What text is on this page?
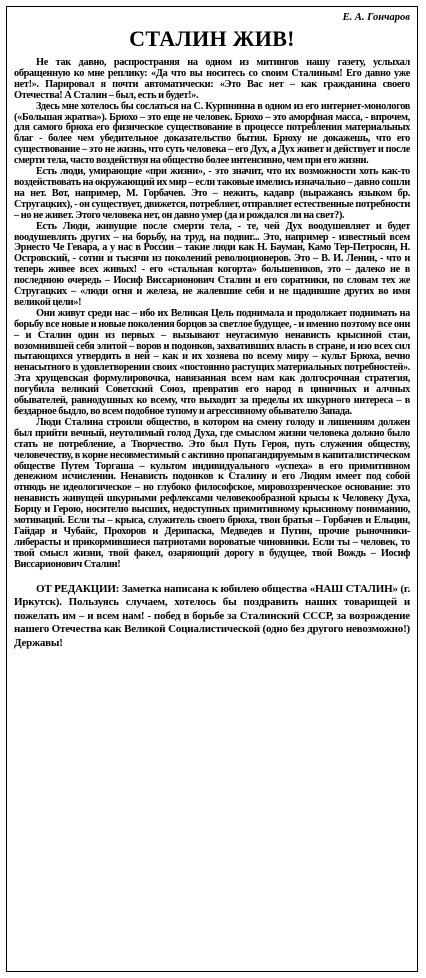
Е. А. Гончаров

СТАЛИН ЖИВ!

Не так давно, распространяя на одном из митингов нашу газету, услыхал обращенную ко мне реплику: «Да что вы носитесь со своим Сталиным! Его давно уже нет!». Парировал я почти автоматически: «Это Вас нет – как гражданина своего Отечества! А Сталин – был, есть и будет!».

Здесь мне хотелось бы сослаться на С. Курпнянна в одном из его интернет-монологов («Большая жратва»). Брюхо – это еще не человек. Брюхо – это аморфная масса, - впрочем, для самого брюха его физическое существование в процессе потребления материальных благ - более чем убедительное доказательство бытия. Брюху не докажешь, что его существование – это не жизнь, что суть человека – его Дух, а Дух живет и действует и после смерти тела, часто воздействуя на общество более интенсивно, чем при его жизни.

Есть люди, умирающие «при жизни», - это значит, что их возможности хоть как-то воздействовать на окружающий их мир – если таковые имелись изначально – давно сошли на нет. Вот, например, М. Горбачев. Это – нежить, кадавр (выражаясь языком бр. Стругацких), - он существует, движется, потребляет, отправляет естественные потребности – но не живет. Этого человека нет, он давно умер (да и рождался ли на свет?).

Есть Люди, живущие после смерти тела, - те, чей Дух воодушевляет и будет воодушевлять других – на борьбу, на труд, на подвиг... Это, например - известный всем Эрнесто Че Гевара, а у нас в России – такие люди как Н. Бауман, Камо Тер-Петросян, Н. Островский, - сотни и тысячи из поколений революционеров. Это – В. И. Ленин, - что и теперь живее всех живых! - его «стальная когорта» большевиков, это – далеко не в последнюю очередь – Иосиф Виссарионович Сталин и его соратники, по словам тех же Стругацких – «люди огня и железа, не жалевшие себя и не щадившие других во имя великой цели»!

Они живут среди нас – ибо их Великая Цель поднимала и продолжает поднимать на борьбу все новые и новые поколения борцов за светлое будущее, - и именно поэтому все они – и Сталин один из первых – вызывают неугасимую ненависть крысиной стаи, возомнившей себя элитой – воров и подонков, захвативших власть в стране, и изо всех сил пытающихся утвердить в ней – как и их хозяева по всему миру – культ Брюха, вечно ненасытного в удовлетворении своих «постоянно растущих материальных потребностей». Эта хрущевская формулировочка, навязанная всем нам как долгосрочная стратегия, погубила великий Советский Союз, превратив его народ в циничных и алчных обывателей, равнодушных ко всему, что выходит за пределы их шкурного интереса – в бездарное быдло, во всем подобное тупому и агрессивному обывателю Запада.

Люди Сталина строили общество, в котором на смену голоду и лишениям должен был прийти вечный, неутолимый голод Духа, где смыслом жизни человека должно было стать не потребление, а Творчество. Это был Путь Героя, путь служения обществу, человечеству, в корне несовместимый с активно пропагандируемым в капиталистическом обществе Путем Торгаша – культом индивидуального «успеха» в его примитивном денежном исчислении. Ненависть подонков к Сталину и его Людям имеет под собой отнюдь не идеологическое – но глубоко философское, мировоззренческое основание: это ненависть живущей шкурными рефлексами человекообразной крысы к Человеку Духа, Борцу и Герою, носителю высших, недоступных примитивному крысиному пониманию, мотиваций. Если ты – крыса, служитель своего брюха, твои братья – Горбачев и Ельцин, Гайдар и Чубайс, Прохоров и Дерипаска, Медведев и Путин, прочие рыночники-либерасты и прикормившиеся патриотами вороватые чиновники. Если ты – человек, то твой смысл жизни, твой факел, озаряющий дорогу в будущее, твой Вождь – Иосиф Виссарионович Сталин!

ОТ РЕДАКЦИИ: Заметка написана к юбилею общества «НАШ СТАЛИН» (г. Иркутск). Пользуясь случаем, хотелось бы поздравить наших товарищей и пожелать им – и всем нам! - побед в борьбе за Сталинский СССР, за возрождение нашего Отечества как Великой Социалистической (одно без другого невозможно!) Державы!
